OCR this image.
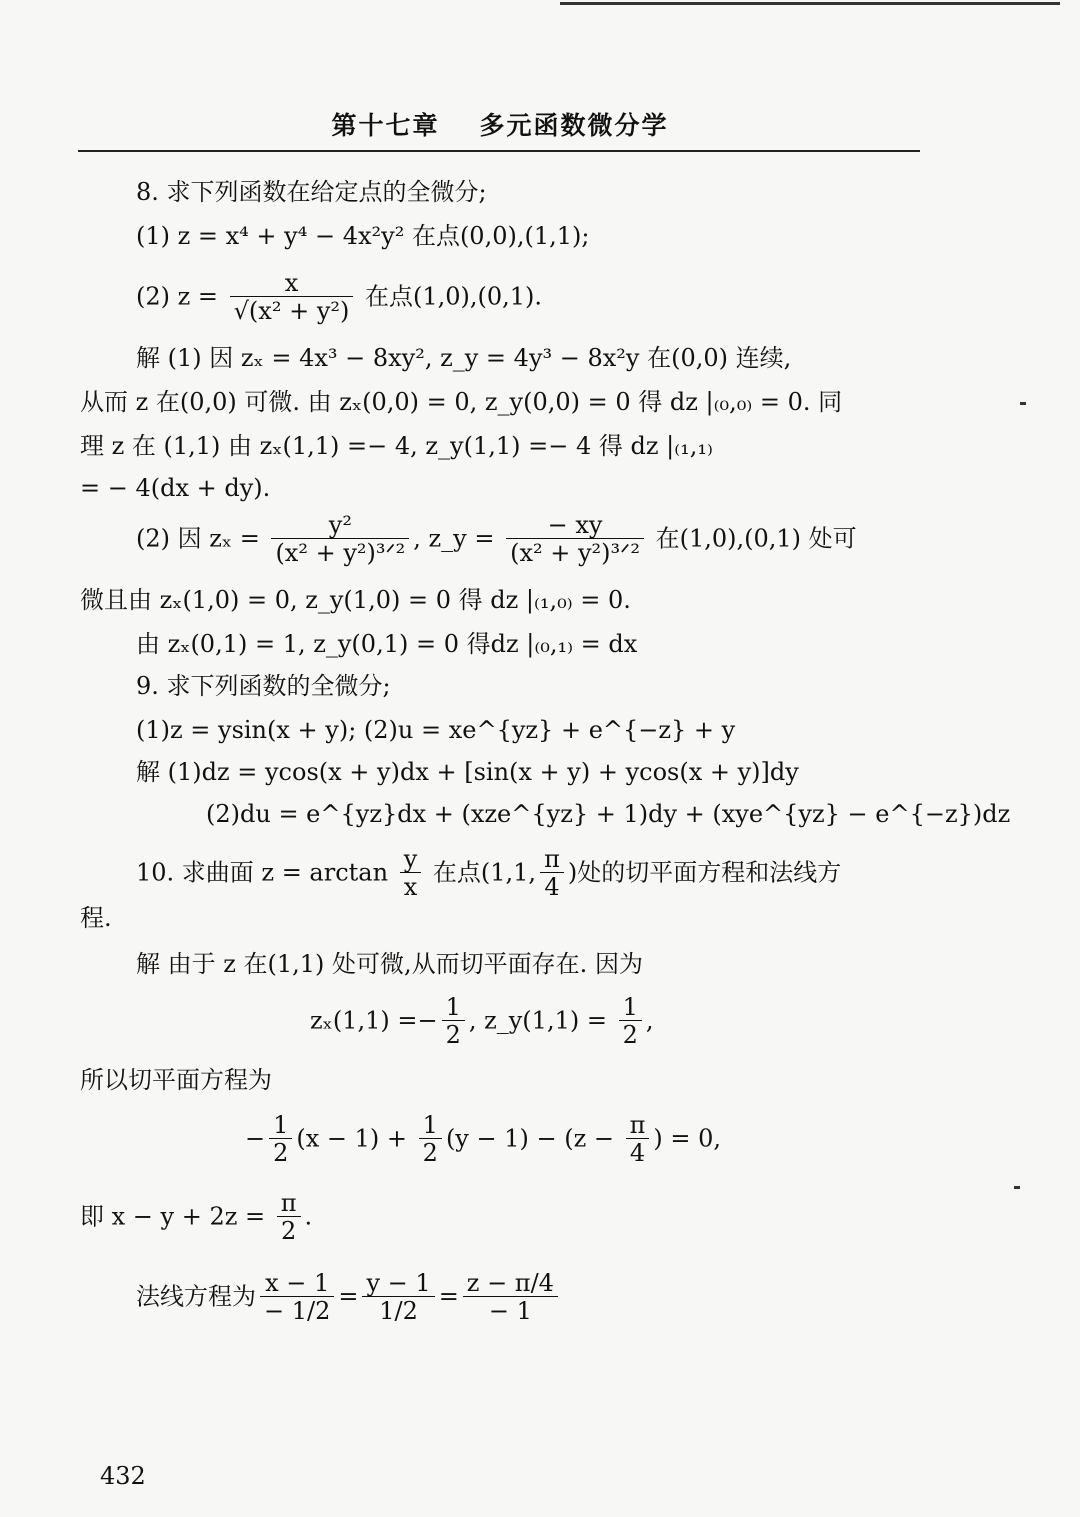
第十七章 多元函数微分学
8. 求下列函数在给定点的全微分;
(1) z = x⁴ + y⁴ − 4x²y² 在点(0,0),(1,1);
(2) $z = \frac{x}{\text{√(x² + y²)}}$ 在点(1,0),(0,1).
解 (1) 因 zₓ = 4x³ − 8xy², z_y = 4y³ − 8x²y 在(0,0) 连续,
从而 z 在(0,0) 可微. 由 zₓ(0,0) = 0, z_y(0,0) = 0 得 dz |₍₀,₀₎ = 0. 同
理 z 在 (1,1) 由 zₓ(1,1) =− 4, z_y(1,1) =− 4 得 dz |₍₁,₁₎
= − 4(dx + dy).
(2) 因 $z_x = \frac{\text{y²}}{\text{(x² + y²)³ᐟ²}}$ , z_y = $\frac{- xy}{\text{(x² + y²)³ᐟ²}}$ 在(1,0),(0,1) 处可
微且由 zₓ(1,0) = 0, z_y(1,0) = 0 得 dz |₍₁,₀₎ = 0.
由 zₓ(0,1) = 1, z_y(0,1) = 0 得dz |₍₀,₁₎ = dx
9. 求下列函数的全微分;
(1)z = ysin(x + y); (2)u = xe^{yz} + e^{−z} + y
解 (1)dz = ycos(x + y)dx + [sin(x + y) + ycos(x + y)]dy
(2)du = e^{yz}dx + (xze^{yz} + 1)dy + (xye^{yz} − e^{−z})dz
10. 求曲面 $z = \arctan \frac{y}{x}$ 在点(1,1, $\frac{\pi}{4}$ )处的切平面方程和法线方
程.
解 由于 z 在(1,1) 处可微,从而切平面存在. 因为
$z_x(1,1) =- \frac{1}{2}$ , z_y(1,1) = $\frac{1}{2}$ ,
所以切平面方程为
− $\frac{1}{2} (x - 1) + \frac{1}{2} (y - 1) - (z - \frac{\pi}{4}$ ) = 0,
即 $x - y + 2z = \frac{\pi}{2}$ .
法线方程为 $\frac{x - 1}{- 1/2} = \frac{y - 1}{1/2} = \frac{z - \pi/4}{- 1}$
432
